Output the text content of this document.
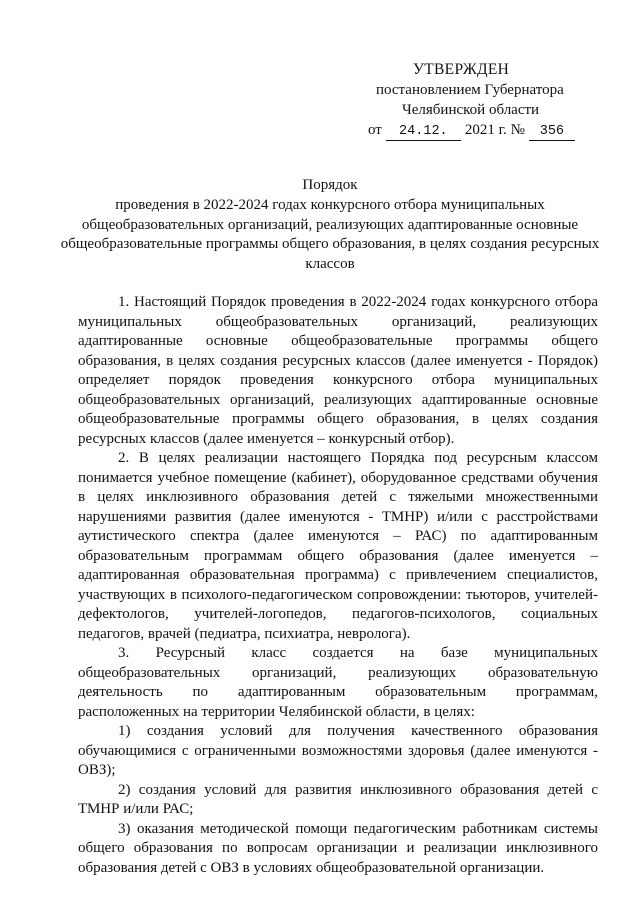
УТВЕРЖДЕН
постановлением Губернатора
Челябинской области
от 24.12. 2021 г. № 356
Порядок
проведения в 2022-2024 годах конкурсного отбора муниципальных общеобразовательных организаций, реализующих адаптированные основные общеобразовательные программы общего образования, в целях создания ресурсных классов

1. Настоящий Порядок проведения в 2022-2024 годах конкурсного отбора муниципальных общеобразовательных организаций, реализующих адаптированные основные общеобразовательные программы общего образования, в целях создания ресурсных классов (далее именуется - Порядок) определяет порядок проведения конкурсного отбора муниципальных общеобразовательных организаций, реализующих адаптированные основные общеобразовательные программы общего образования, в целях создания ресурсных классов (далее именуется – конкурсный отбор).

2. В целях реализации настоящего Порядка под ресурсным классом понимается учебное помещение (кабинет), оборудованное средствами обучения в целях инклюзивного образования детей с тяжелыми множественными нарушениями развития (далее именуются - ТМНР) и/или с расстройствами аутистического спектра (далее именуются – РАС) по адаптированным образовательным программам общего образования (далее именуется – адаптированная образовательная программа) с привлечением специалистов, участвующих в психолого-педагогическом сопровождении: тьюторов, учителей-дефектологов, учителей-логопедов, педагогов-психологов, социальных педагогов, врачей (педиатра, психиатра, невролога).

3. Ресурсный класс создается на базе муниципальных общеобразовательных организаций, реализующих образовательную деятельность по адаптированным образовательным программам, расположенных на территории Челябинской области, в целях:

1) создания условий для получения качественного образования обучающимися с ограниченными возможностями здоровья (далее именуются - ОВЗ);

2) создания условий для развития инклюзивного образования детей с ТМНР и/или РАС;

3) оказания методической помощи педагогическим работникам системы общего образования по вопросам организации и реализации инклюзивного образования детей с ОВЗ в условиях общеобразовательной организации.
